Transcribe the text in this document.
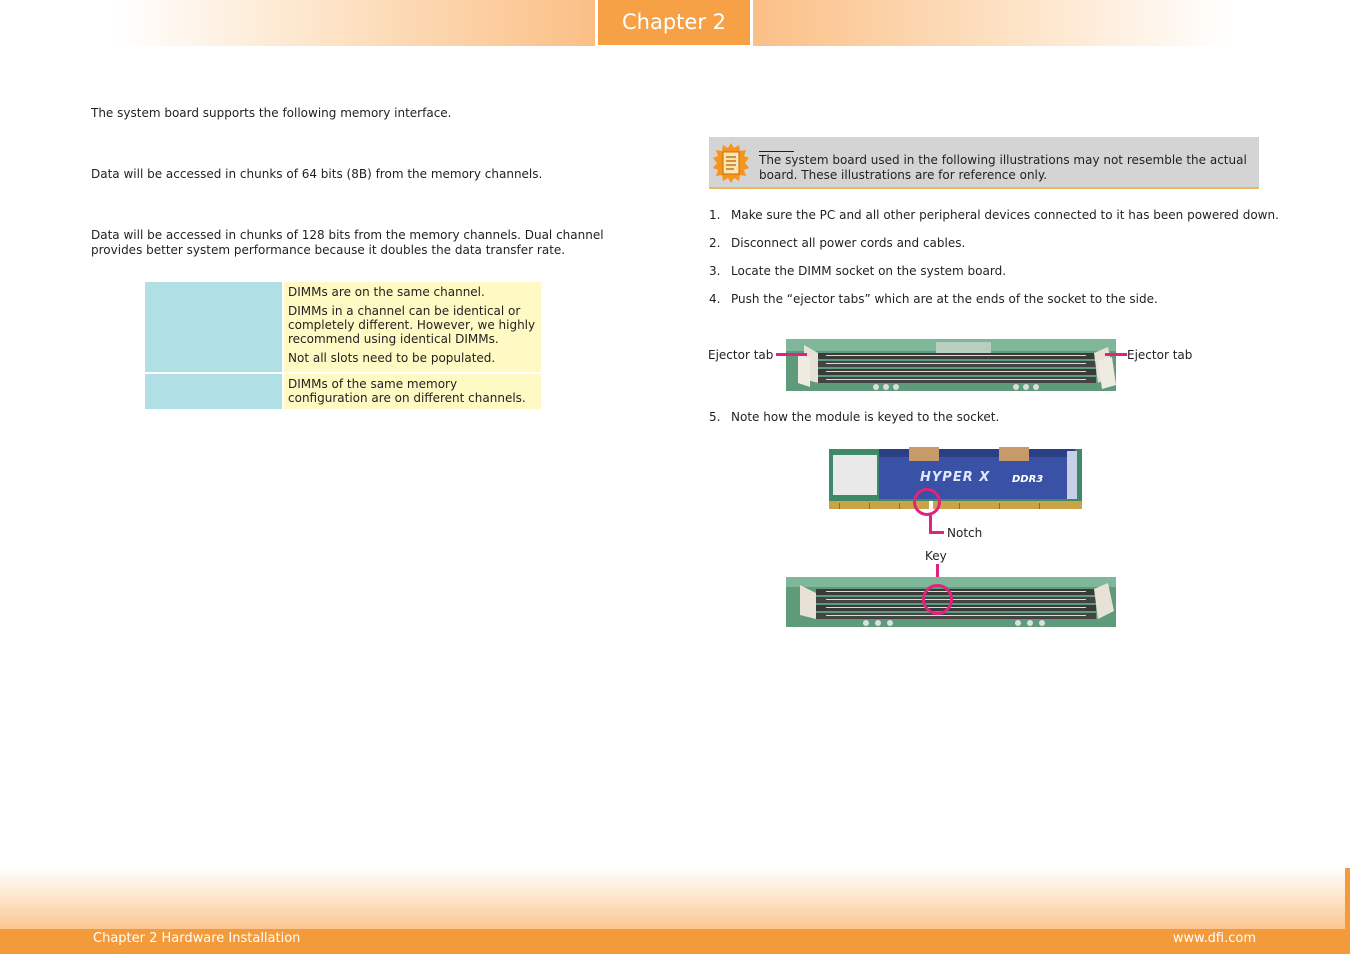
Chapter 2
The system board supports the following memory interface.
Data will be accessed in chunks of 64 bits (8B) from the memory channels.
Data will be accessed in chunks of 128 bits from the memory channels. Dual channel provides better system performance because it doubles the data transfer rate.

	DIMMs are on the same channel.

DIMMs in a channel can be identical or completely different. However, we highly recommend using identical DIMMs.

Not all slots need to be populated.

	DIMMs of the same memory configuration are on different channels.

The system board used in the following illustrations may not resemble the actual board. These illustrations are for reference only.
1. Make sure the PC and all other peripheral devices connected to it has been powered down.
2. Disconnect all power cords and cables.
3. Locate the DIMM socket on the system board.
4. Push the “ejector tabs” which are at the ends of the socket to the side.
5. Note how the module is keyed to the socket.
Ejector tab	Ejector tab
HYPER X DDR3
Notch
Key
Chapter 2 Hardware Installation	www.dfi.com
